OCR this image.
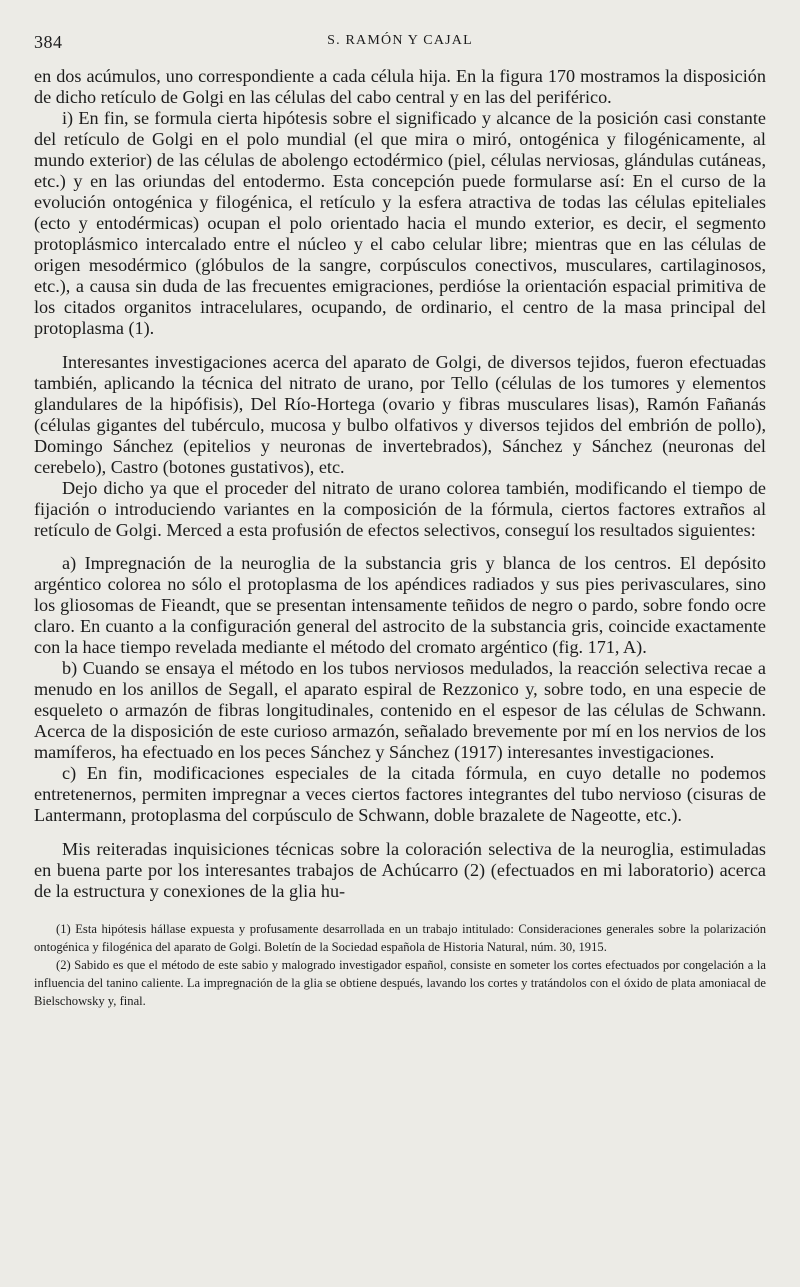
384	S. RAMÓN Y CAJAL

en dos acúmulos, uno correspondiente a cada célula hija. En la figura 170 mostramos la disposición de dicho retículo de Golgi en las células del cabo central y en las del periférico.

i) En fin, se formula cierta hipótesis sobre el significado y alcance de la posición casi constante del retículo de Golgi en el polo mundial (el que mira o miró, ontogénica y filogénicamente, al mundo exterior) de las células de abolengo ectodérmico (piel, células nerviosas, glándulas cutáneas, etc.) y en las oriundas del entodermo. Esta concepción puede formularse así: En el curso de la evolución ontogénica y filogénica, el retículo y la esfera atractiva de todas las células epiteliales (ecto y entodérmicas) ocupan el polo orientado hacia el mundo exterior, es decir, el segmento protoplásmico intercalado entre el núcleo y el cabo celular libre; mientras que en las células de origen mesodérmico (glóbulos de la sangre, corpúsculos conectivos, musculares, cartilaginosos, etc.), a causa sin duda de las frecuentes emigraciones, perdióse la orientación espacial primitiva de los citados organitos intracelulares, ocupando, de ordinario, el centro de la masa principal del protoplasma (1).

Interesantes investigaciones acerca del aparato de Golgi, de diversos tejidos, fueron efectuadas también, aplicando la técnica del nitrato de urano, por Tello (células de los tumores y elementos glandulares de la hipófisis), Del Río-Hortega (ovario y fibras musculares lisas), Ramón Fañanás (células gigantes del tubérculo, mucosa y bulbo olfativos y diversos tejidos del embrión de pollo), Domingo Sánchez (epitelios y neuronas de invertebrados), Sánchez y Sánchez (neuronas del cerebelo), Castro (botones gustativos), etc.

Dejo dicho ya que el proceder del nitrato de urano colorea también, modificando el tiempo de fijación o introduciendo variantes en la composición de la fórmula, ciertos factores extraños al retículo de Golgi. Merced a esta profusión de efectos selectivos, conseguí los resultados siguientes:

a) Impregnación de la neuroglia de la substancia gris y blanca de los centros. El depósito argéntico colorea no sólo el protoplasma de los apéndices radiados y sus pies perivasculares, sino los gliosomas de Fieandt, que se presentan intensamente teñidos de negro o pardo, sobre fondo ocre claro. En cuanto a la configuración general del astrocito de la substancia gris, coincide exactamente con la hace tiempo revelada mediante el método del cromato argéntico (fig. 171, A).

b) Cuando se ensaya el método en los tubos nerviosos medulados, la reacción selectiva recae a menudo en los anillos de Segall, el aparato espiral de Rezzonico y, sobre todo, en una especie de esqueleto o armazón de fibras longitudinales, contenido en el espesor de las células de Schwann. Acerca de la disposición de este curioso armazón, señalado brevemente por mí en los nervios de los mamíferos, ha efectuado en los peces Sánchez y Sánchez (1917) interesantes investigaciones.

c) En fin, modificaciones especiales de la citada fórmula, en cuyo detalle no podemos entretenernos, permiten impregnar a veces ciertos factores integrantes del tubo nervioso (cisuras de Lantermann, protoplasma del corpúsculo de Schwann, doble brazalete de Nageotte, etc.).

Mis reiteradas inquisiciones técnicas sobre la coloración selectiva de la neuroglia, estimuladas en buena parte por los interesantes trabajos de Achúcarro (2) (efectuados en mi laboratorio) acerca de la estructura y conexiones de la glia hu-

(1) Esta hipótesis hállase expuesta y profusamente desarrollada en un trabajo intitulado: Consideraciones generales sobre la polarización ontogénica y filogénica del aparato de Golgi. Boletín de la Sociedad española de Historia Natural, núm. 30, 1915.

(2) Sabido es que el método de este sabio y malogrado investigador español, consiste en someter los cortes efectuados por congelación a la influencia del tanino caliente. La impregnación de la glia se obtiene después, lavando los cortes y tratándolos con el óxido de plata amoniacal de Bielschowsky y, final.
